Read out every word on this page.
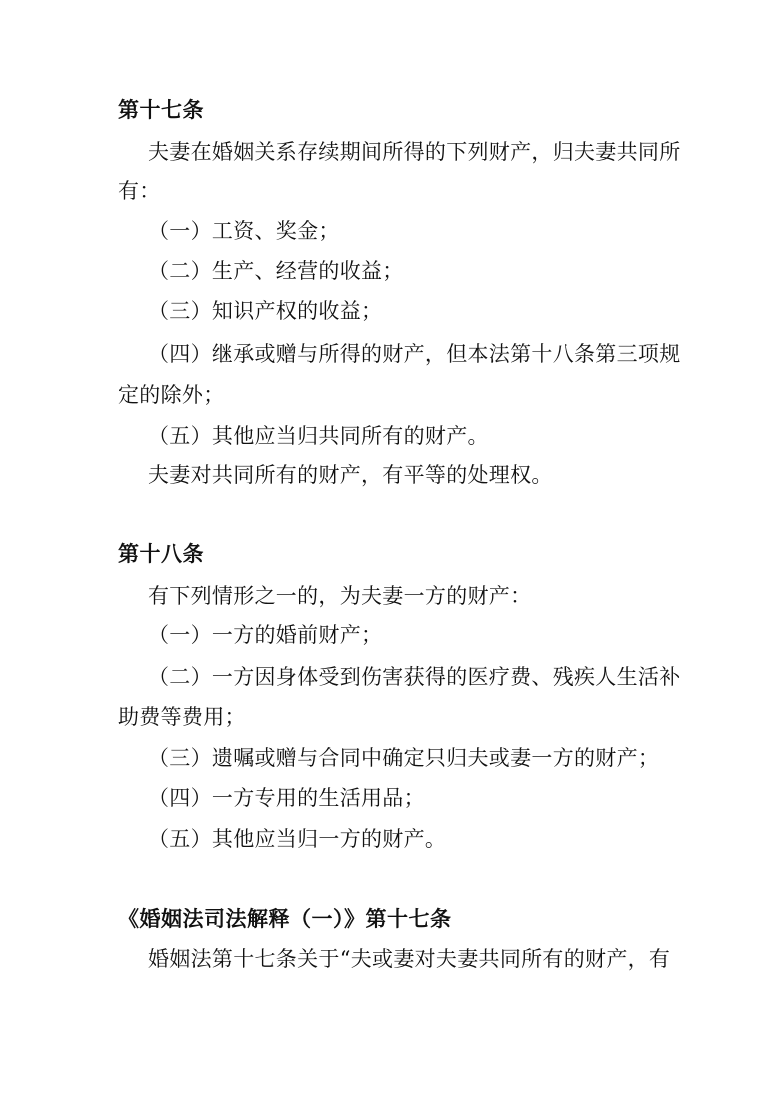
第十七条
夫妻在婚姻关系存续期间所得的下列财产，归夫妻共同所
有：
（一）工资、奖金；
（二）生产、经营的收益；
（三）知识产权的收益；
（四）继承或赠与所得的财产，但本法第十八条第三项规
定的除外；
（五）其他应当归共同所有的财产。
夫妻对共同所有的财产，有平等的处理权。
第十八条
有下列情形之一的，为夫妻一方的财产：
（一）一方的婚前财产；
（二）一方因身体受到伤害获得的医疗费、残疾人生活补
助费等费用；
（三）遗嘱或赠与合同中确定只归夫或妻一方的财产；
（四）一方专用的生活用品；
（五）其他应当归一方的财产。
《婚姻法司法解释（一）》第十七条
婚姻法第十七条关于“夫或妻对夫妻共同所有的财产，有
